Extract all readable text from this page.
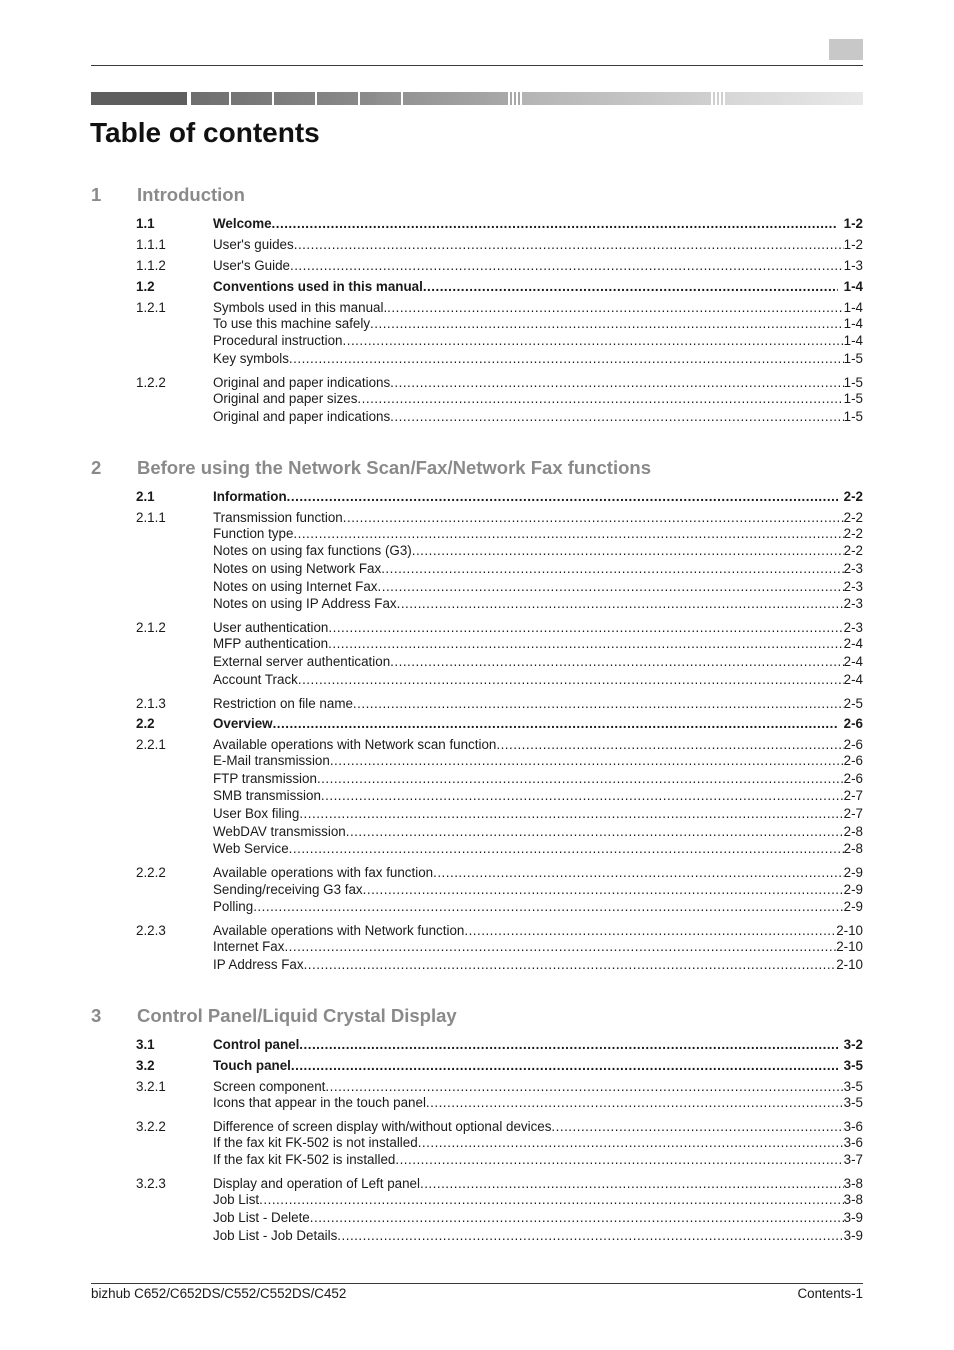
Table of contents
1 Introduction
2 Before using the Network Scan/Fax/Network Fax functions
3 Control Panel/Liquid Crystal Display
1.1	Welcome .....	1-2
1.1.1	User's guides .....	1-2
1.1.2	User's Guide .....	1-3
1.2	Conventions used in this manual .....	1-4
1.2.1	Symbols used in this manual. .....	1-4
To use this machine safely .....	1-4
Procedural instruction .....	1-4
Key symbols .....	1-5
1.2.2	Original and paper indications .....	1-5
Original and paper sizes .....	1-5
Original and paper indications .....	1-5
2.1	Information .....	2-2
2.1.1	Transmission function .....	2-2
Function type .....	2-2
Notes on using fax functions (G3) .....	2-2
Notes on using Network Fax .....	2-3
Notes on using Internet Fax .....	2-3
Notes on using IP Address Fax .....	2-3
2.1.2	User authentication .....	2-3
MFP authentication .....	2-4
External server authentication .....	2-4
Account Track .....	2-4
2.1.3	Restriction on file name .....	2-5
2.2	Overview .....	2-6
2.2.1	Available operations with Network scan function .....	2-6
E-Mail transmission .....	2-6
FTP transmission .....	2-6
SMB transmission .....	2-7
User Box filing .....	2-7
WebDAV transmission .....	2-8
Web Service .....	2-8
2.2.2	Available operations with fax function .....	2-9
Sending/receiving G3 fax .....	2-9
Polling .....	2-9
2.2.3	Available operations with Network function .....	2-10
Internet Fax .....	2-10
IP Address Fax .....	2-10
3.1	Control panel .....	3-2
3.2	Touch panel .....	3-5
3.2.1	Screen component .....	3-5
Icons that appear in the touch panel .....	3-5
3.2.2	Difference of screen display with/without optional devices .....	3-6
If the fax kit FK-502 is not installed .....	3-6
If the fax kit FK-502 is installed .....	3-7
3.2.3	Display and operation of Left panel .....	3-8
Job List .....	3-8
Job List - Delete .....	3-9
Job List - Job Details .....	3-9
bizhub C652/C652DS/C552/C552DS/C452	Contents-1
